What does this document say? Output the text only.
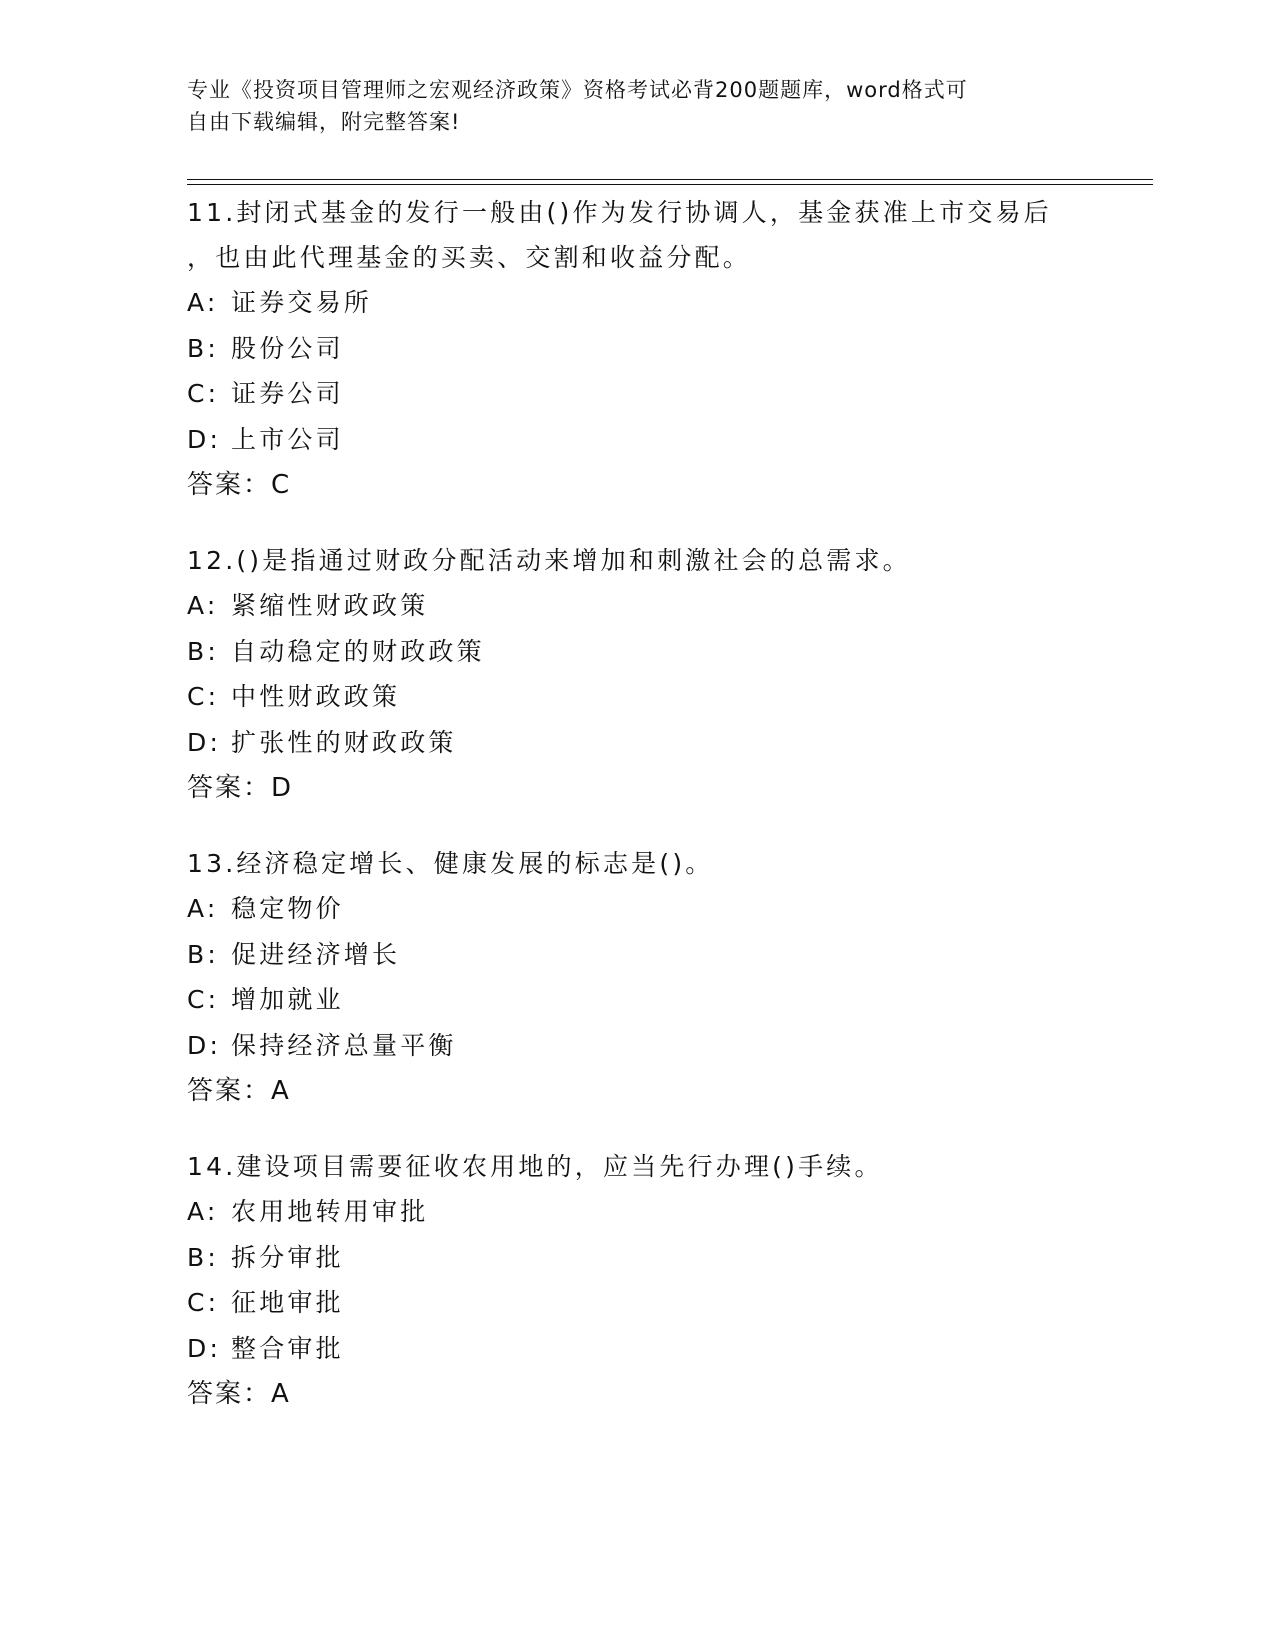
专业《投资项目管理师之宏观经济政策》资格考试必背200题题库，word格式可
自由下载编辑，附完整答案!
11.封闭式基金的发行一般由()作为发行协调人，基金获准上市交易后
，也由此代理基金的买卖、交割和收益分配。
A: 证券交易所
B: 股份公司
C: 证券公司
D: 上市公司
答案：C
12.()是指通过财政分配活动来增加和刺激社会的总需求。
A: 紧缩性财政政策
B: 自动稳定的财政政策
C: 中性财政政策
D: 扩张性的财政政策
答案：D
13.经济稳定增长、健康发展的标志是()。
A: 稳定物价
B: 促进经济增长
C: 增加就业
D: 保持经济总量平衡
答案：A
14.建设项目需要征收农用地的，应当先行办理()手续。
A: 农用地转用审批
B: 拆分审批
C: 征地审批
D: 整合审批
答案：A
